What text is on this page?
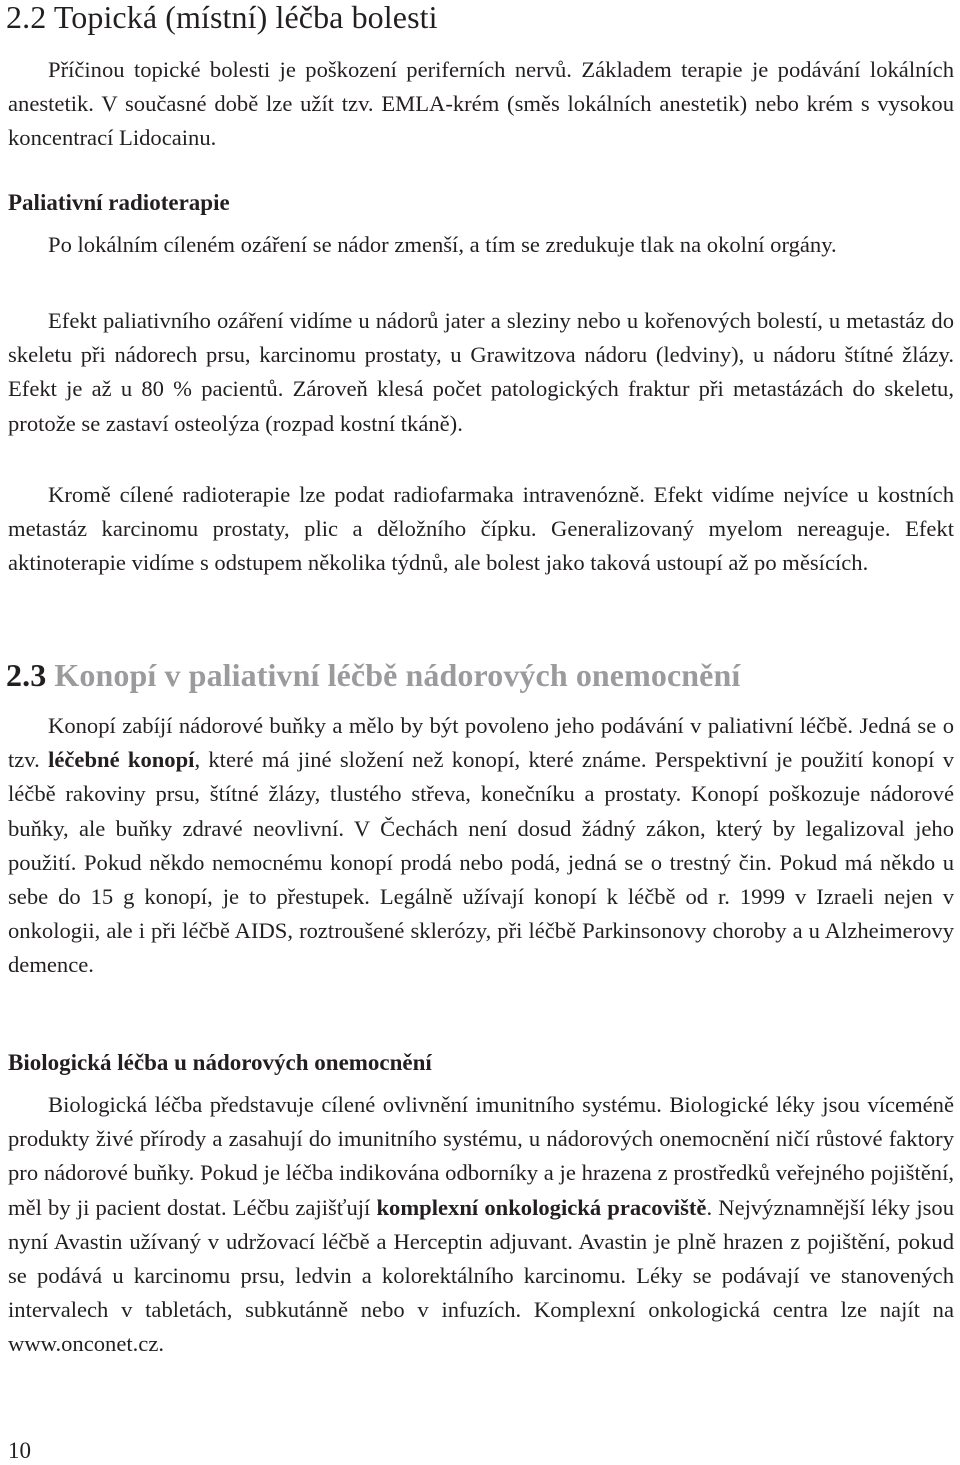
2.2 Topická (místní) léčba bolesti

Příčinou topické bolesti je poškození periferních nervů. Základem terapie je podávání lokálních anestetik. V současné době lze užít tzv. EMLA-krém (směs lokálních anestetik) nebo krém s vysokou koncentrací Lidocainu.

Paliativní radioterapie

Po lokálním cíleném ozáření se nádor zmenší, a tím se zredukuje tlak na okolní orgány.

Efekt paliativního ozáření vidíme u nádorů jater a sleziny nebo u kořenových bolestí, u metastáz do skeletu při nádorech prsu, karcinomu prostaty, u Grawitzova nádoru (ledviny), u nádoru štítné žlázy. Efekt je až u 80 % pacientů. Zároveň klesá počet patologických fraktur při metastázách do skeletu, protože se zastaví osteolýza (rozpad kostní tkáně).

Kromě cílené radioterapie lze podat radiofarmaka intravenózně. Efekt vidíme nejvíce u kostních metastáz karcinomu prostaty, plic a děložního čípku. Generalizovaný myelom nereaguje. Efekt aktinoterapie vidíme s odstupem několika týdnů, ale bolest jako taková ustoupí až po měsících.

2.3 Konopí v paliativní léčbě nádorových onemocnění

Konopí zabíjí nádorové buňky a mělo by být povoleno jeho podávání v paliativní léčbě. Jedná se o tzv. léčebné konopí, které má jiné složení než konopí, které známe. Perspektivní je použití konopí v léčbě rakoviny prsu, štítné žlázy, tlustého střeva, konečníku a prostaty. Konopí poškozuje nádorové buňky, ale buňky zdravé neovlivní. V Čechách není dosud žádný zákon, který by legalizoval jeho použití. Pokud někdo nemocnému konopí prodá nebo podá, jedná se o trestný čin. Pokud má někdo u sebe do 15 g konopí, je to přestupek. Legálně užívají konopí k léčbě od r. 1999 v Izraeli nejen v onkologii, ale i při léčbě AIDS, roztroušené sklerózy, při léčbě Parkinsonovy choroby a u Alzheimerovy demence.

Biologická léčba u nádorových onemocnění

Biologická léčba představuje cílené ovlivnění imunitního systému. Biologické léky jsou víceméně produkty živé přírody a zasahují do imunitního systému, u nádorových onemocnění ničí růstové faktory pro nádorové buňky. Pokud je léčba indikována odborníky a je hrazena z prostředků veřejného pojištění, měl by ji pacient dostat. Léčbu zajišťují komplexní onkologická pracoviště. Nejvýznamnější léky jsou nyní Avastin užívaný v udržovací léčbě a Herceptin adjuvant. Avastin je plně hrazen z pojištění, pokud se podává u karcinomu prsu, ledvin a kolorektálního karcinomu. Léky se podávají ve stanovených intervalech v tabletách, subkutánně nebo v infuzích. Komplexní onkologická centra lze najít na www.onconet.cz.

10
